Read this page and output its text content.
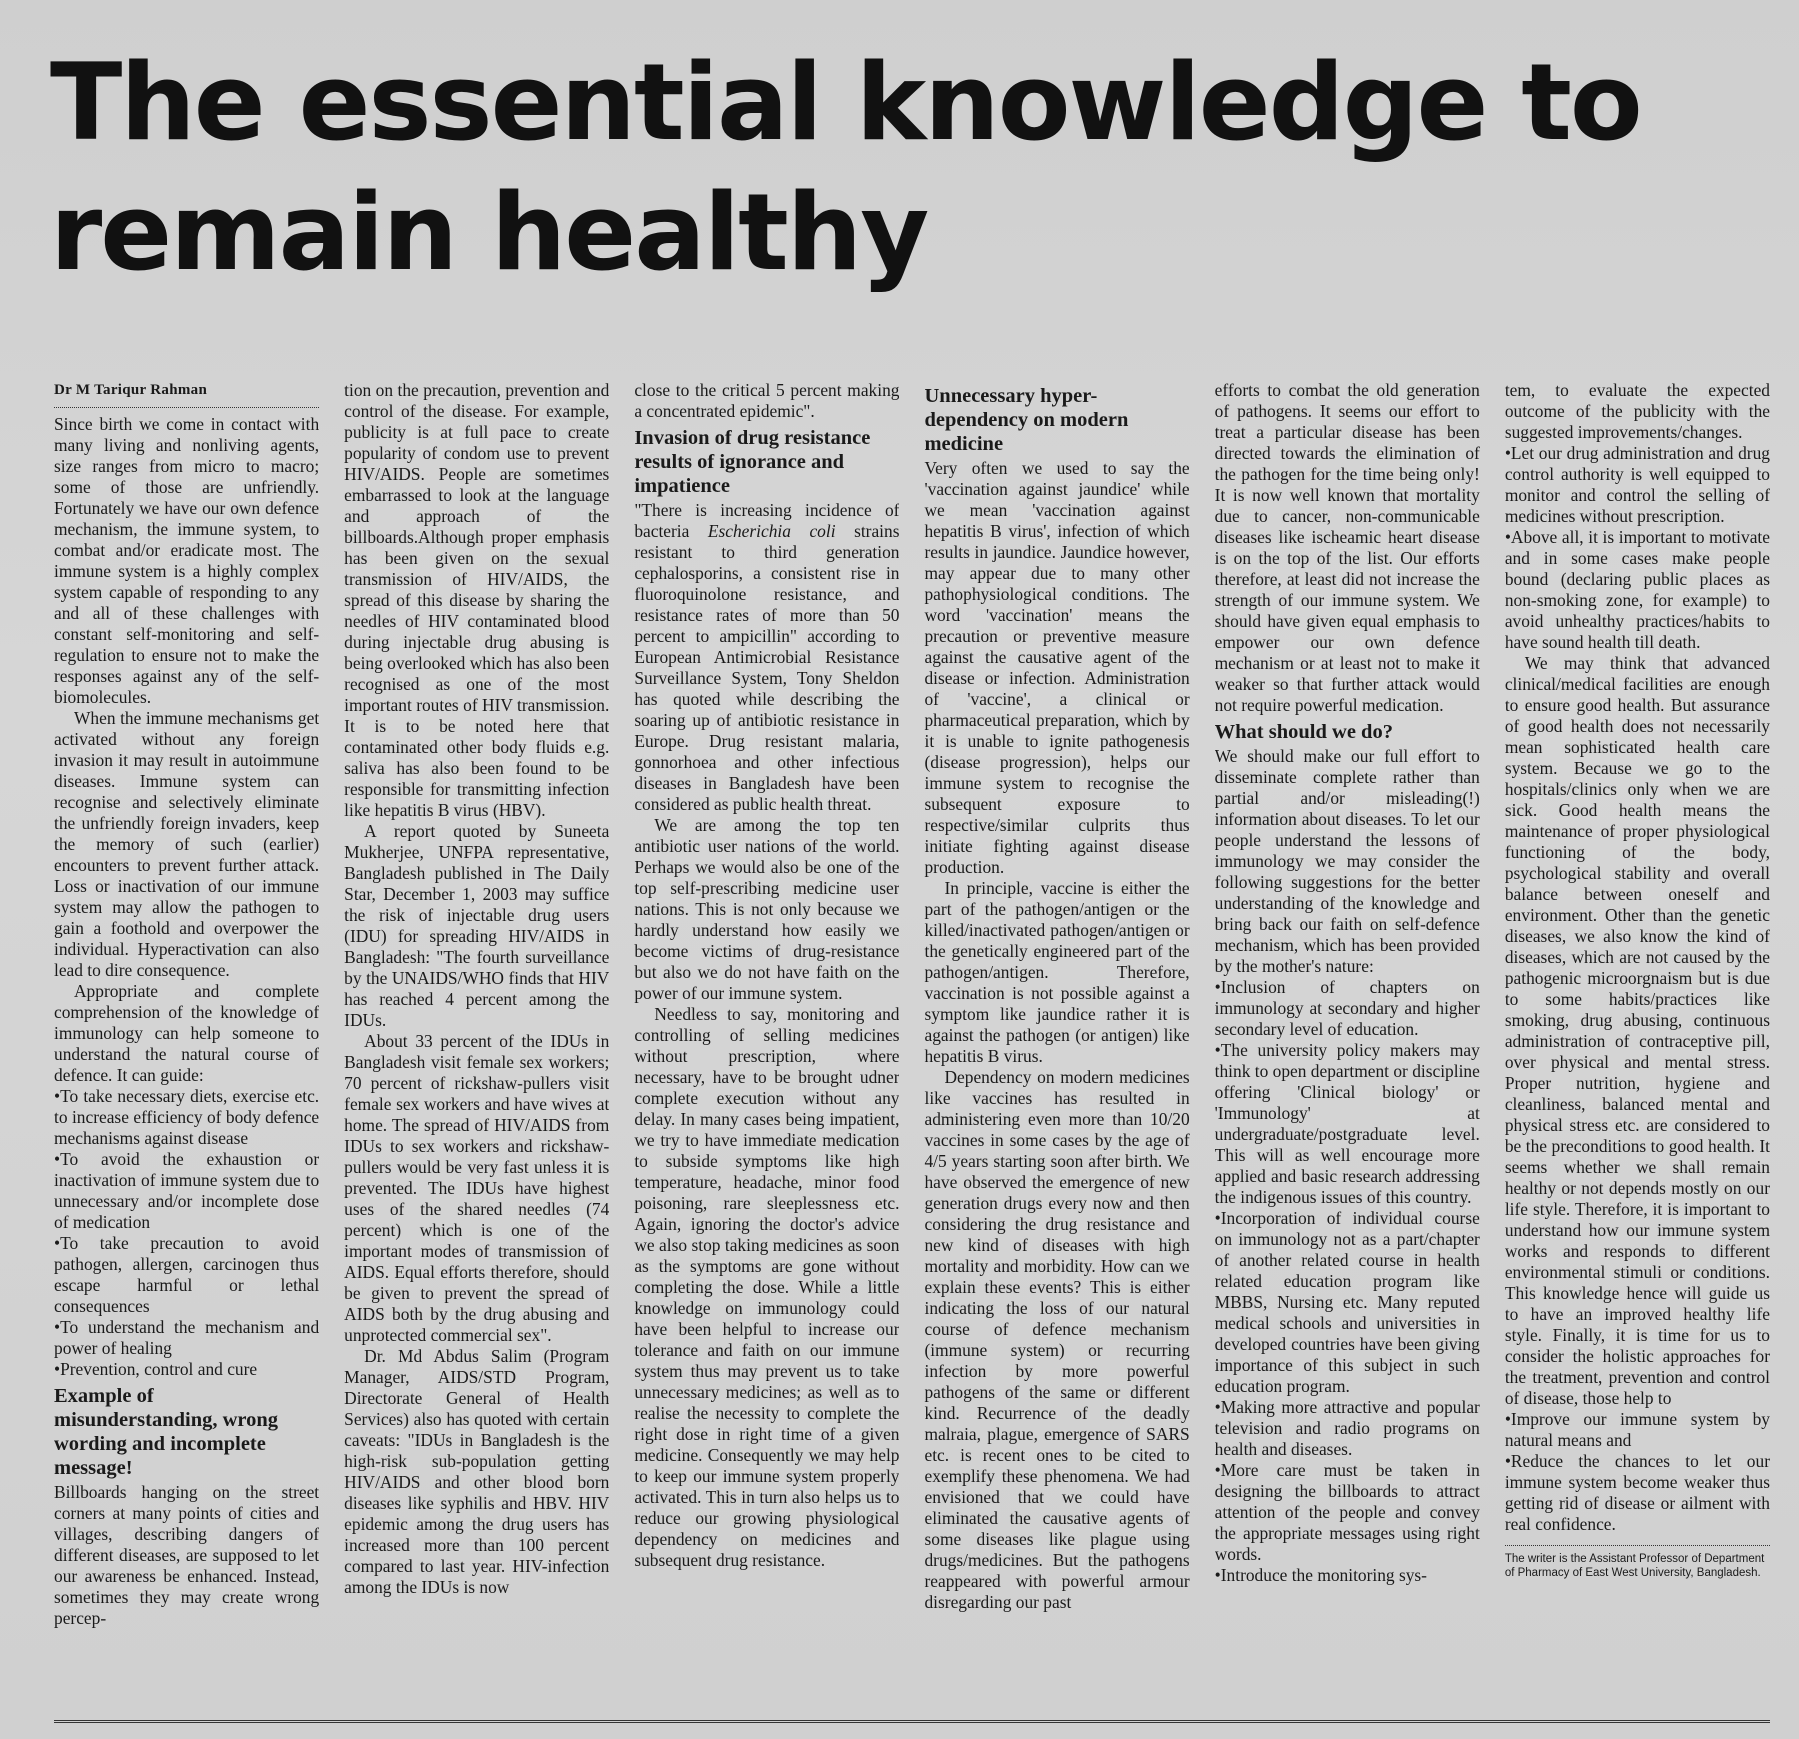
The essential knowledge to remain healthy
Dr M Tariqur Rahman

Since birth we come in contact with many living and nonliving agents, size ranges from micro to macro; some of those are unfriendly. Fortunately we have our own defence mechanism, the immune system, to combat and/or eradicate most. The immune system is a highly complex system capable of responding to any and all of these challenges with constant self-monitoring and self-regulation to ensure not to make the responses against any of the self-biomolecules.

When the immune mechanisms get activated without any foreign invasion it may result in autoimmune diseases. Immune system can recognise and selectively eliminate the unfriendly foreign invaders, keep the memory of such (earlier) encounters to prevent further attack. Loss or inactivation of our immune system may allow the pathogen to gain a foothold and overpower the individual. Hyperactivation can also lead to dire consequence.

Appropriate and complete comprehension of the knowledge of immunology can help someone to understand the natural course of defence. It can guide:

•To take necessary diets, exercise etc. to increase efficiency of body defence mechanisms against disease

•To avoid the exhaustion or inactivation of immune system due to unnecessary and/or incomplete dose of medication

•To take precaution to avoid pathogen, allergen, carcinogen thus escape harmful or lethal consequences

•To understand the mechanism and power of healing

•Prevention, control and cure

Example of misunderstanding, wrong wording and incomplete message!

Billboards hanging on the street corners at many points of cities and villages, describing dangers of different diseases, are supposed to let our awareness be enhanced. Instead, sometimes they may create wrong percep-

tion on the precaution, prevention and control of the disease. For example, publicity is at full pace to create popularity of condom use to prevent HIV/AIDS. People are sometimes embarrassed to look at the language and approach of the billboards.Although proper emphasis has been given on the sexual transmission of HIV/AIDS, the spread of this disease by sharing the needles of HIV contaminated blood during injectable drug abusing is being overlooked which has also been recognised as one of the most important routes of HIV transmission. It is to be noted here that contaminated other body fluids e.g. saliva has also been found to be responsible for transmitting infection like hepatitis B virus (HBV).

A report quoted by Suneeta Mukherjee, UNFPA representative, Bangladesh published in The Daily Star, December 1, 2003 may suffice the risk of injectable drug users (IDU) for spreading HIV/AIDS in Bangladesh: "The fourth surveillance by the UNAIDS/WHO finds that HIV has reached 4 percent among the IDUs.

About 33 percent of the IDUs in Bangladesh visit female sex workers; 70 percent of rickshaw-pullers visit female sex workers and have wives at home. The spread of HIV/AIDS from IDUs to sex workers and rickshaw-pullers would be very fast unless it is prevented. The IDUs have highest uses of the shared needles (74 percent) which is one of the important modes of transmission of AIDS. Equal efforts therefore, should be given to prevent the spread of AIDS both by the drug abusing and unprotected commercial sex".

Dr. Md Abdus Salim (Program Manager, AIDS/STD Program, Directorate General of Health Services) also has quoted with certain caveats: "IDUs in Bangladesh is the high-risk sub-population getting HIV/AIDS and other blood born diseases like syphilis and HBV. HIV epidemic among the drug users has increased more than 100 percent compared to last year. HIV-infection among the IDUs is now

close to the critical 5 percent making a concentrated epidemic".

Invasion of drug resistance results of ignorance and impatience

"There is increasing incidence of bacteria Escherichia coli strains resistant to third generation cephalosporins, a consistent rise in fluoroquinolone resistance, and resistance rates of more than 50 percent to ampicillin" according to European Antimicrobial Resistance Surveillance System, Tony Sheldon has quoted while describing the soaring up of antibiotic resistance in Europe. Drug resistant malaria, gonnorhoea and other infectious diseases in Bangladesh have been considered as public health threat.

We are among the top ten antibiotic user nations of the world. Perhaps we would also be one of the top self-prescribing medicine user nations. This is not only because we hardly understand how easily we become victims of drug-resistance but also we do not have faith on the power of our immune system.

Needless to say, monitoring and controlling of selling medicines without prescription, where necessary, have to be brought udner complete execution without any delay. In many cases being impatient, we try to have immediate medication to subside symptoms like high temperature, headache, minor food poisoning, rare sleeplessness etc. Again, ignoring the doctor's advice we also stop taking medicines as soon as the symptoms are gone without completing the dose. While a little knowledge on immunology could have been helpful to increase our tolerance and faith on our immune system thus may prevent us to take unnecessary medicines; as well as to realise the necessity to complete the right dose in right time of a given medicine. Consequently we may help to keep our immune system properly activated. This in turn also helps us to reduce our growing physiological dependency on medicines and subsequent drug resistance.

Unnecessary hyper-dependency on modern medicine

Very often we used to say the 'vaccination against jaundice' while we mean 'vaccination against hepatitis B virus', infection of which results in jaundice. Jaundice however, may appear due to many other pathophysiological conditions. The word 'vaccination' means the precaution or preventive measure against the causative agent of the disease or infection. Administration of 'vaccine', a clinical or pharmaceutical preparation, which by it is unable to ignite pathogenesis (disease progression), helps our immune system to recognise the subsequent exposure to respective/similar culprits thus initiate fighting against disease production.

In principle, vaccine is either the part of the pathogen/antigen or the killed/inactivated pathogen/antigen or the genetically engineered part of the pathogen/antigen. Therefore, vaccination is not possible against a symptom like jaundice rather it is against the pathogen (or antigen) like hepatitis B virus.

Dependency on modern medicines like vaccines has resulted in administering even more than 10/20 vaccines in some cases by the age of 4/5 years starting soon after birth. We have observed the emergence of new generation drugs every now and then considering the drug resistance and new kind of diseases with high mortality and morbidity. How can we explain these events? This is either indicating the loss of our natural course of defence mechanism (immune system) or recurring infection by more powerful pathogens of the same or different kind. Recurrence of the deadly malraia, plague, emergence of SARS etc. is recent ones to be cited to exemplify these phenomena. We had envisioned that we could have eliminated the causative agents of some diseases like plague using drugs/medicines. But the pathogens reappeared with powerful armour disregarding our past

efforts to combat the old generation of pathogens. It seems our effort to treat a particular disease has been directed towards the elimination of the pathogen for the time being only! It is now well known that mortality due to cancer, non-communicable diseases like ischeamic heart disease is on the top of the list. Our efforts therefore, at least did not increase the strength of our immune system. We should have given equal emphasis to empower our own defence mechanism or at least not to make it weaker so that further attack would not require powerful medication.

What should we do?

We should make our full effort to disseminate complete rather than partial and/or misleading(!) information about diseases. To let our people understand the lessons of immunology we may consider the following suggestions for the better understanding of the knowledge and bring back our faith on self-defence mechanism, which has been provided by the mother's nature:

•Inclusion of chapters on immunology at secondary and higher secondary level of education.

•The university policy makers may think to open department or discipline offering 'Clinical biology' or 'Immunology' at undergraduate/postgraduate level. This will as well encourage more applied and basic research addressing the indigenous issues of this country.

•Incorporation of individual course on immunology not as a part/chapter of another related course in health related education program like MBBS, Nursing etc. Many reputed medical schools and universities in developed countries have been giving importance of this subject in such education program.

•Making more attractive and popular television and radio programs on health and diseases.

•More care must be taken in designing the billboards to attract attention of the people and convey the appropriate messages using right words.

•Introduce the monitoring sys-

tem, to evaluate the expected outcome of the publicity with the suggested improvements/changes.

•Let our drug administration and drug control authority is well equipped to monitor and control the selling of medicines without prescription.

•Above all, it is important to motivate and in some cases make people bound (declaring public places as non-smoking zone, for example) to avoid unhealthy practices/habits to have sound health till death.

We may think that advanced clinical/medical facilities are enough to ensure good health. But assurance of good health does not necessarily mean sophisticated health care system. Because we go to the hospitals/clinics only when we are sick. Good health means the maintenance of proper physiological functioning of the body, psychological stability and overall balance between oneself and environment. Other than the genetic diseases, we also know the kind of diseases, which are not caused by the pathogenic microorgnaism but is due to some habits/practices like smoking, drug abusing, continuous administration of contraceptive pill, over physical and mental stress. Proper nutrition, hygiene and cleanliness, balanced mental and physical stress etc. are considered to be the preconditions to good health. It seems whether we shall remain healthy or not depends mostly on our life style. Therefore, it is important to understand how our immune system works and responds to different environmental stimuli or conditions. This knowledge hence will guide us to have an improved healthy life style. Finally, it is time for us to consider the holistic approaches for the treatment, prevention and control of disease, those help to

•Improve our immune system by natural means and

•Reduce the chances to let our immune system become weaker thus getting rid of disease or ailment with real confidence.

The writer is the Assistant Professor of Department of Pharmacy of East West University, Bangladesh.
